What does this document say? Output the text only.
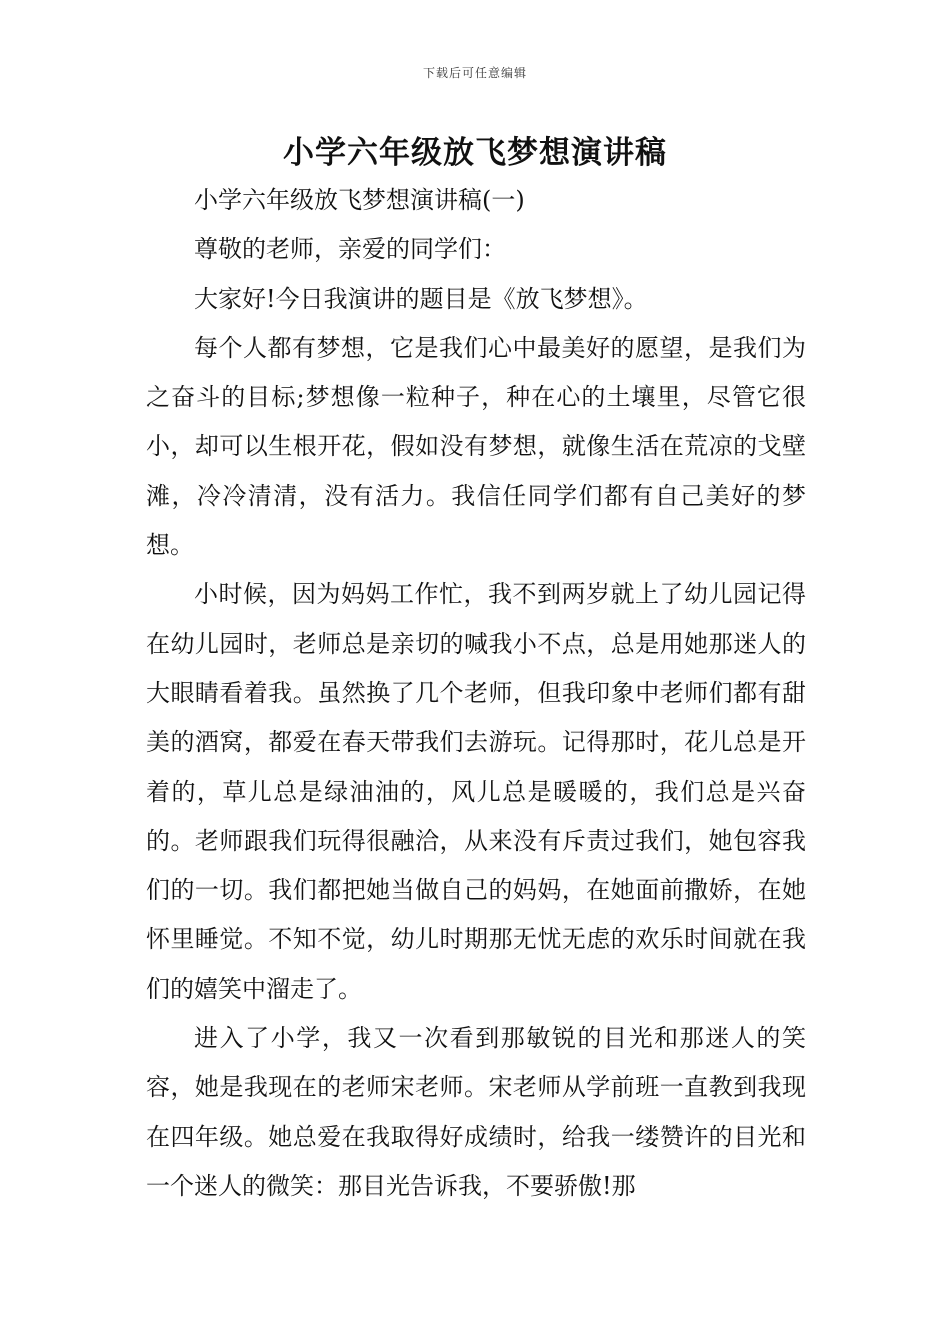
下载后可任意编辑
小学六年级放飞梦想演讲稿

小学六年级放飞梦想演讲稿(一)

尊敬的老师，亲爱的同学们：

大家好!今日我演讲的题目是《放飞梦想》。

每个人都有梦想，它是我们心中最美好的愿望，是我们为之奋斗的目标;梦想像一粒种子，种在心的土壤里，尽管它很小，却可以生根开花，假如没有梦想，就像生活在荒凉的戈壁滩，冷冷清清，没有活力。我信任同学们都有自己美好的梦想。

小时候，因为妈妈工作忙，我不到两岁就上了幼儿园记得在幼儿园时，老师总是亲切的喊我小不点，总是用她那迷人的大眼睛看着我。虽然换了几个老师，但我印象中老师们都有甜美的酒窝，都爱在春天带我们去游玩。记得那时，花儿总是开着的，草儿总是绿油油的，风儿总是暖暖的，我们总是兴奋的。老师跟我们玩得很融洽，从来没有斥责过我们，她包容我们的一切。我们都把她当做自己的妈妈，在她面前撒娇，在她怀里睡觉。不知不觉，幼儿时期那无忧无虑的欢乐时间就在我们的嬉笑中溜走了。

进入了小学，我又一次看到那敏锐的目光和那迷人的笑容，她是我现在的老师宋老师。宋老师从学前班一直教到我现在四年级。她总爱在我取得好成绩时，给我一缕赞许的目光和一个迷人的微笑：那目光告诉我，不要骄傲!那
